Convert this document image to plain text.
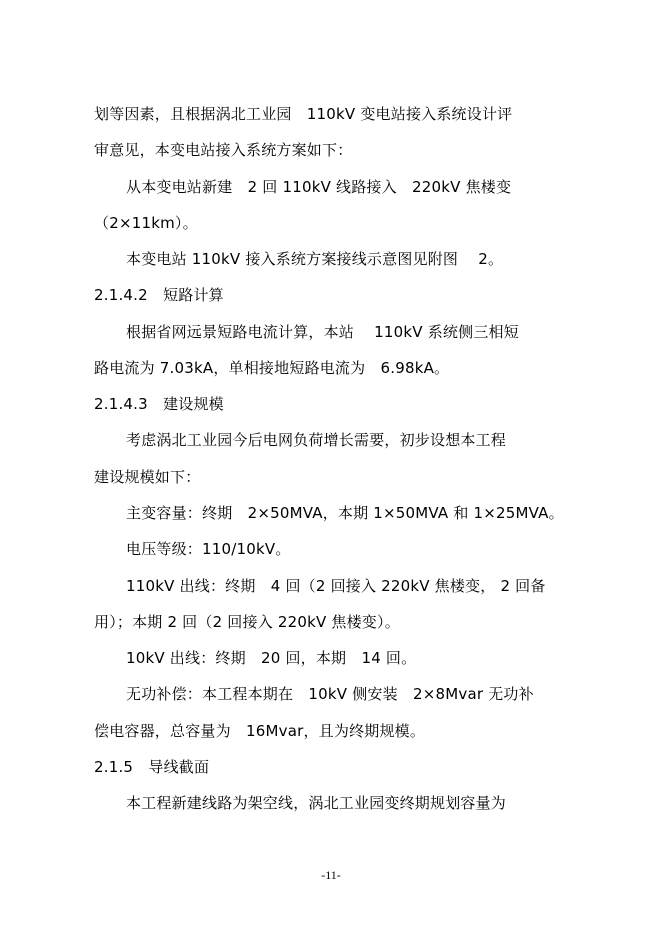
划等因素，且根据涡北工业园　110kV 变电站接入系统设计评
审意见，本变电站接入系统方案如下：
从本变电站新建　2 回 110kV 线路接入　220kV 焦楼变
（2×11km）。
本变电站 110kV 接入系统方案接线示意图见附图　 2。
2.1.4.2　短路计算
根据省网远景短路电流计算，本站　 110kV 系统侧三相短
路电流为 7.03kA，单相接地短路电流为　6.98kA。
2.1.4.3　建设规模
考虑涡北工业园今后电网负荷增长需要，初步设想本工程
建设规模如下：
主变容量：终期　2×50MVA，本期 1×50MVA 和 1×25MVA。
电压等级：110/10kV。
110kV 出线：终期　4 回（2 回接入 220kV 焦楼变， 2 回备
用）；本期 2 回（2 回接入 220kV 焦楼变）。
10kV 出线：终期　20 回，本期　14 回。
无功补偿：本工程本期在　10kV 侧安装　2×8Mvar 无功补
偿电容器，总容量为　16Mvar，且为终期规模。
2.1.5　导线截面
本工程新建线路为架空线，涡北工业园变终期规划容量为
-11-
